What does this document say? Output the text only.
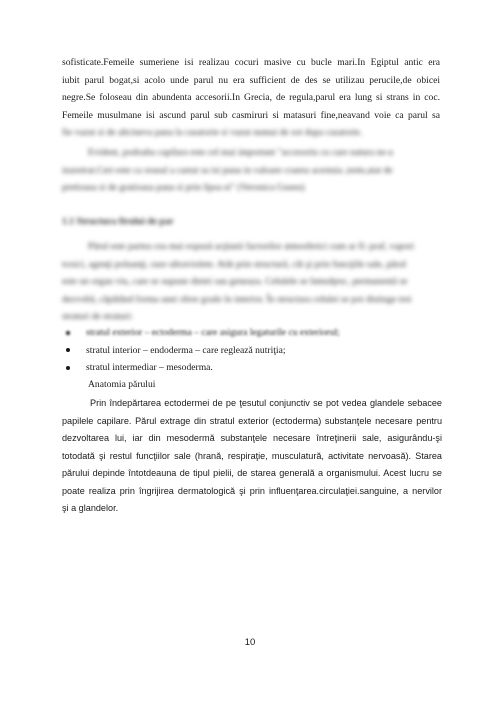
sofisticate.Femeile sumeriene isi realizau cocuri masive cu bucle mari.In Egiptul antic era
iubit parul bogat,si acolo unde parul nu era sufficient de des se utilizau perucile,de obicei
negre.Se foloseau din abundenta accesorii.In Grecia, de regula,parul era lung si strans in coc.
Femeile musulmane isi ascund parul sub casmiruri si matasuri fine,neavand voie ca parul sa
fie vazut si de altcineva pana la casatorie si vazut numai de sot dupa casatorie.
Evident, podoaba capilara este cel mai important "accesoriu cu care natura ne-a
inzestrat.Cert este ca orasul a castat sa isi puna in valoare coarea acestuia ,teste,atat de
pretioasa si de gratioasa pana si prin lipsa ei" (Veronica Guseu)
1.1 Structura firului de par
Părul este partea cea mai expusă acţiunii factorilor atmosferici cum ar fi: praf, vapori
toxici, agenţi poluanţi, raze ultraviolete. Atât prin structură, cât şi prin funcţiile sale, părul
este un organ viu, care se supune dietei sau geneaza. Celulele se înmulţesc, permanentă se
dezvoltă, căpătând forma unei sfere goale în interior. În structura celulei se pot distinge trei
straturi de straturi:
stratul exterior – ectoderma – care asigura legaturile cu exteriorul;
stratul interior – endoderma – care reglează nutriţia;
stratul intermediar – mesoderma.
Anatomia părului
Prin îndepărtarea ectodermei de pe ţesutul conjunctiv se pot vedea glandele sebacee
papilele capilare. Părul extrage din stratul exterior (ectoderma) substanţele necesare pentru
dezvoltarea lui, iar din mesodermă substanţele necesare întreţinerii sale, asigurându-şi
totodată şi restul funcţiilor sale (hrană, respiraţie, musculatură, activitate nervoasă). Starea
părului depinde întotdeauna de tipul pielii, de starea generală a organismului. Acest lucru se
poate realiza prin îngrijirea dermatologică şi prin influenţarea.circulaţiei.sanguine, a nervilor
şi a glandelor.
10
